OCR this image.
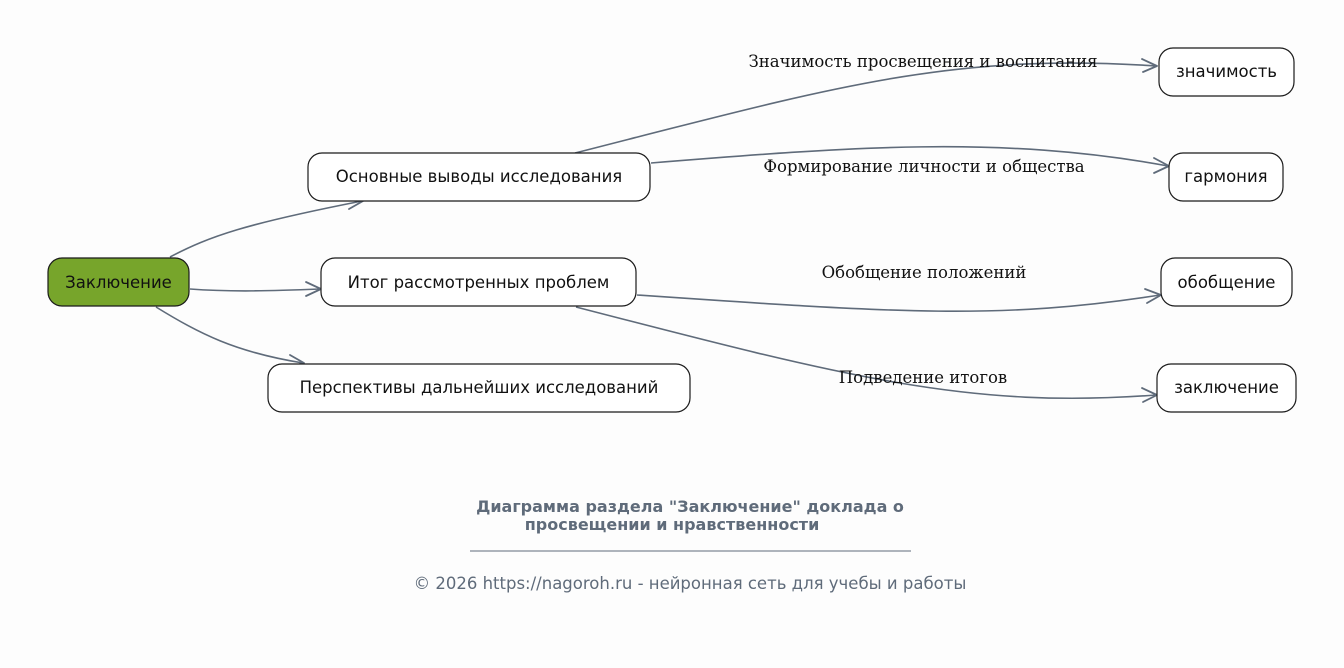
Значимость просвещения и воспитания
Формирование личности и общества
Обобщение положений
Подведение итогов
Заключение
Основные выводы исследования
Итог рассмотренных проблем
Перспективы дальнейших исследований
значимость
гармония
обобщение
заключение
Диаграмма раздела "Заключение" доклада о
просвещении и нравственности
© 2026 https://nagoroh.ru - нейронная сеть для учебы и работы
